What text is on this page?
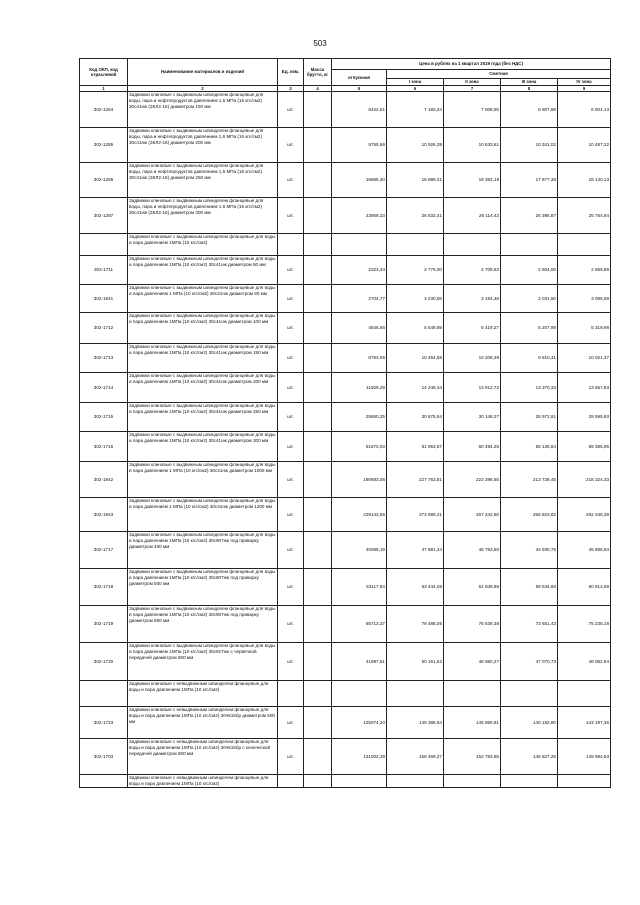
503
Код ОКП, код отраслевой	Наименование материалов и изделий	Ед. изм.	Масса брутто, кг	Цена в рублях на 1 квартал 2019 года (без НДС)				
				отпускная	Сметная			
					I зона	II зона	III зона	IV зона
1	2	3	4	5	6	7	8	9
302-1284	Задвижки клиновые с выдвижным шпинделем фланцевые для воды, пара и нефтепродуктов давлением 1,6 МПа (16 кгс/см2) 30с41нж (ЗКЛ2-16) диаметром 150 мм	шт.		6422,51	7 183,24	7 008,50	6 807,88	6 904,13
302-1285	Задвижки клиновые с выдвижным шпинделем фланцевые для воды, пара и нефтепродуктов давлением 1,6 МПа (16 кгс/см2) 30с41нж (ЗКЛ2-16) диаметром 200 мм	шт.		9755,66	10 926,38	10 633,61	10 341,02	10 487,22
302-1286	Задвижки клиновые с выдвижным шпинделем фланцевые для воды, пара и нефтепродуктов давлением 1,6 МПа (16 кгс/см2) 30с41нж (ЗКЛ2-16) диаметром 250 мм	шт.		16865,40	18 889,31	18 383,19	17 877,38	18 130,13
302-1287	Задвижки клиновые с выдвижным шпинделем фланцевые для воды, пара и нефтепродуктов давлением 1,6 МПа (16 кгс/см2) 30с41нж (ЗКЛ2-16) диаметром 300 мм	шт.		23958,33	26 833,41	26 114,43	25 395,87	25 754,94
	Задвижки клиновые с выдвижным шпинделем фланцевые для воды и пара давлением 1МПа (10 кгс/см2)							
302-1711	Задвижки клиновые с выдвижным шпинделем фланцевые для воды и пара давлением 1МПа (10 кгс/см2) 30с41нж диаметром 50 мм	шт.		2323,34	2 775,00	2 709,63	2 604,00	2 659,89
302-1941	Задвижки клиновые с выдвижным шпинделем фланцевые для воды и пара давлением 1 МПа (10 кгс/см2) 30с41нж диаметром 80 мм	шт.		2704,77	3 230,56	3 154,48	3 031,50	3 096,69
302-1712	Задвижки клиновые с выдвижным шпинделем фланцевые для воды и пара давлением 1МПа (10 кгс/см2) 30с41нж диаметром 100 мм	шт.		4646,66	5 549,89	5 419,27	5 207,99	5 319,98
302-1713	Задвижки клиновые с выдвижным шпинделем фланцевые для воды и пара давлением 1МПа (10 кгс/см2) 30с41нж диаметром 150 мм	шт.		8753,06	10 454,65	10 208,39	9 810,41	10 021,37
302-1714	Задвижки клиновые с выдвижным шпинделем фланцевые для воды и пара давлением 1МПа (10 кгс/см2) 30с41нж диаметром 200 мм	шт.		11929,29	14 248,34	13 912,72	13 370,33	13 657,83
302-1715	Задвижки клиновые с выдвижным шпинделем фланцевые для воды и пара давлением 1МПа (10 кгс/см2) 30с41нж диаметром 250 мм	шт.		25850,25	30 875,54	30 148,27	28 972,91	29 595,93
302-1716	Задвижки клиновые с выдвижным шпинделем фланцевые для воды и пара давлением 1МПа (10 кгс/см2) 30с41нж диаметром 300 мм	шт.		51870,03	61 953,67	60 494,26	58 135,84	59 385,95
302-1942	Задвижки клиновые с выдвижным шпинделем фланцевые для воды и пара давлением 1 МПа (10 кгс/см2) 30с41нж диаметром 1000 мм	шт.		190693,06	227 763,81	222 398,65	213 728,45	218 324,33
302-1943	Задвижки клиновые с выдвижным шпинделем фланцевые для воды и пара давлением 1 МПа (10 кгс/см2) 30с41нж диаметром 1200 мм	шт.		229143,66	273 689,21	267 242,50	256 823,82	262 346,39
302-1717	Задвижки клиновые с выдвижным шпинделем фланцевые для воды и пара давлением 1МПа (10 кгс/см2) 30с907нж под приварку диаметром 400 мм	шт.		40089,19	47 881,34	46 753,50	44 930,76	45 896,94
302-1718	Задвижки клиновые с выдвижным шпинделем фланцевые для воды и пара давлением 1МПа (10 кгс/см2) 30с907нж под приварку диаметром 500 мм	шт.		53117,94	63 444,06	61 949,96	59 534,50	60 814,69
302-1719	Задвижки клиновые с выдвижным шпинделем фланцевые для воды и пара давлением 1МПа (10 кгс/см2) 30с907нж под приварку диаметром 600 мм	шт.		65713,37	78 488,05	76 639,38	73 651,43	75 235,18
302-1720	Задвижки клиновые с выдвижным шпинделем фланцевые для воды и пара давлением 1МПа (10 кгс/см2) 30с927нж с червячной передачей диаметром 600 мм	шт.		41997,51	50 161,62	48 980,27	47 070,73	48 082,94
	Задвижки клиновые с невыдвижным шпинделем фланцевые для воды и пара давлением 1МПа (10 кгс/см2)							
302-1723	Задвижки клиновые с невыдвижным шпинделем фланцевые для воды и пара давлением 1МПа (10 кгс/см2) 30ч515бр диаметром 500 мм	шт.		125074,20	149 388,64	145 869,81	140 182,80	143 197,35
302-1703	Задвижки клиновые с невыдвижным шпинделем фланцевые для воды и пара давлением 1МПа (10 кгс/см2) 30ч515бр с конической передачей диаметром 600 мм	шт.		131002,39	156 469,27	152 783,65	146 827,25	149 984,53
	Задвижки клиновые с невыдвижным шпинделем фланцевые для воды и пара давлением 1МПа (10 кгс/см2)							
